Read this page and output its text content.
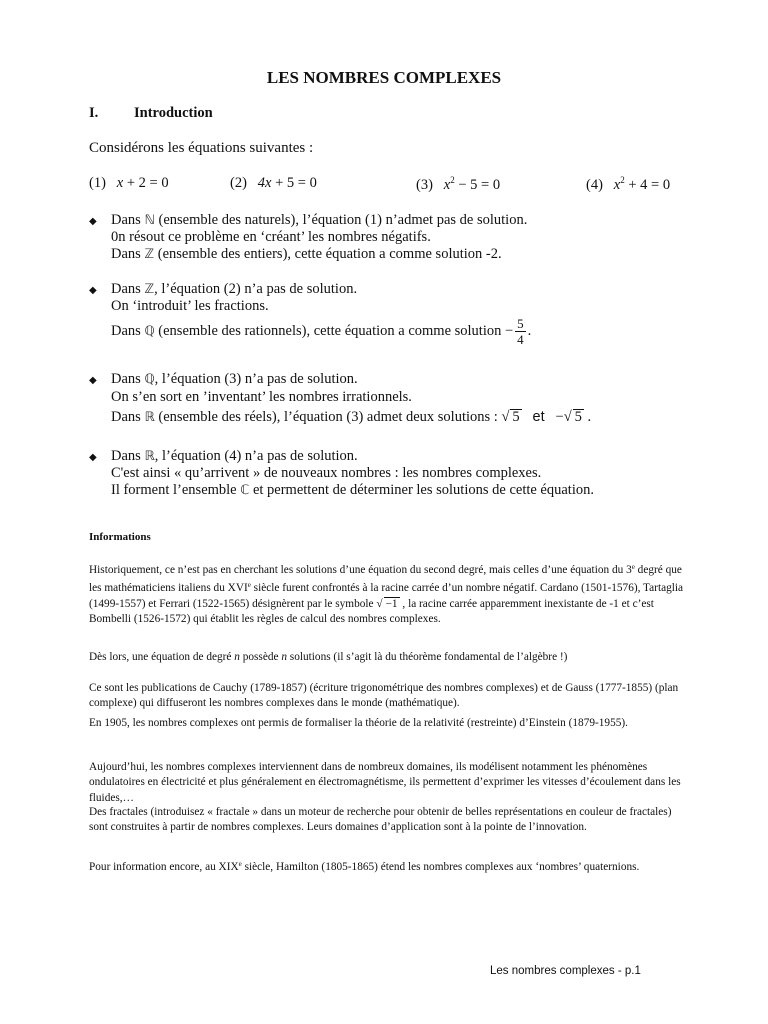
LES NOMBRES COMPLEXES
I. Introduction
Considérons les équations suivantes :
(1) x + 2 = 0	(2) 4x + 5 = 0	(3) $x^2 - 5 = 0$	(4) $x^2 + 4 = 0$
◆ Dans ℕ (ensemble des naturels), l’équation (1) n’admet pas de solution.
0n résout ce problème en ‘créant’ les nombres négatifs.
Dans ℤ (ensemble des entiers), cette équation a comme solution -2.
◆ Dans ℤ, l’équation (2) n’a pas de solution.
On ‘introduit’ les fractions.
Dans ℚ (ensemble des rationnels), cette équation a comme solution − $\frac{5}{4}$ .
◆ Dans ℚ, l’équation (3) n’a pas de solution.
On s’en sort en ’inventant’ les nombres irrationnels.
Dans ℝ (ensemble des réels), l’équation (3) admet deux solutions : √ 5 et −√ 5 .
◆ Dans ℝ, l’équation (4) n’a pas de solution.
C'est ainsi « qu’arrivent » de nouveaux nombres : les nombres complexes.
Il forment l’ensemble ℂ et permettent de déterminer les solutions de cette équation.
Informations
Historiquement, ce n’est pas en cherchant les solutions d’une équation du second degré, mais celles d’une équation du 3e degré que les mathématiciens italiens du XVIe siècle furent confrontés à la racine carrée d’un nombre négatif. Cardano (1501-1576), Tartaglia (1499-1557) et Ferrari (1522-1565) désignèrent par le symbole √ −1 , la racine carrée apparemment inexistante de -1 et c’est Bombelli (1526-1572) qui établit les règles de calcul des nombres complexes.
Dès lors, une équation de degré n possède n solutions (il s’agit là du théorème fondamental de l’algèbre !)
Ce sont les publications de Cauchy (1789-1857) (écriture trigonométrique des nombres complexes) et de Gauss (1777-1855) (plan complexe) qui diffuseront les nombres complexes dans le monde (mathématique).
En 1905, les nombres complexes ont permis de formaliser la théorie de la relativité (restreinte) d’Einstein (1879-1955).
Aujourd’hui, les nombres complexes interviennent dans de nombreux domaines, ils modélisent notamment les phénomènes ondulatoires en électricité et plus généralement en électromagnétisme, ils permettent d’exprimer les vitesses d’écoulement dans les fluides,…
Des fractales (introduisez « fractale » dans un moteur de recherche pour obtenir de belles représentations en couleur de fractales) sont construites à partir de nombres complexes. Leurs domaines d’application sont à la pointe de l’innovation.
Pour information encore, au XIXe siècle, Hamilton (1805-1865) étend les nombres complexes aux ‘nombres’ quaternions.
Les nombres complexes - p.1
